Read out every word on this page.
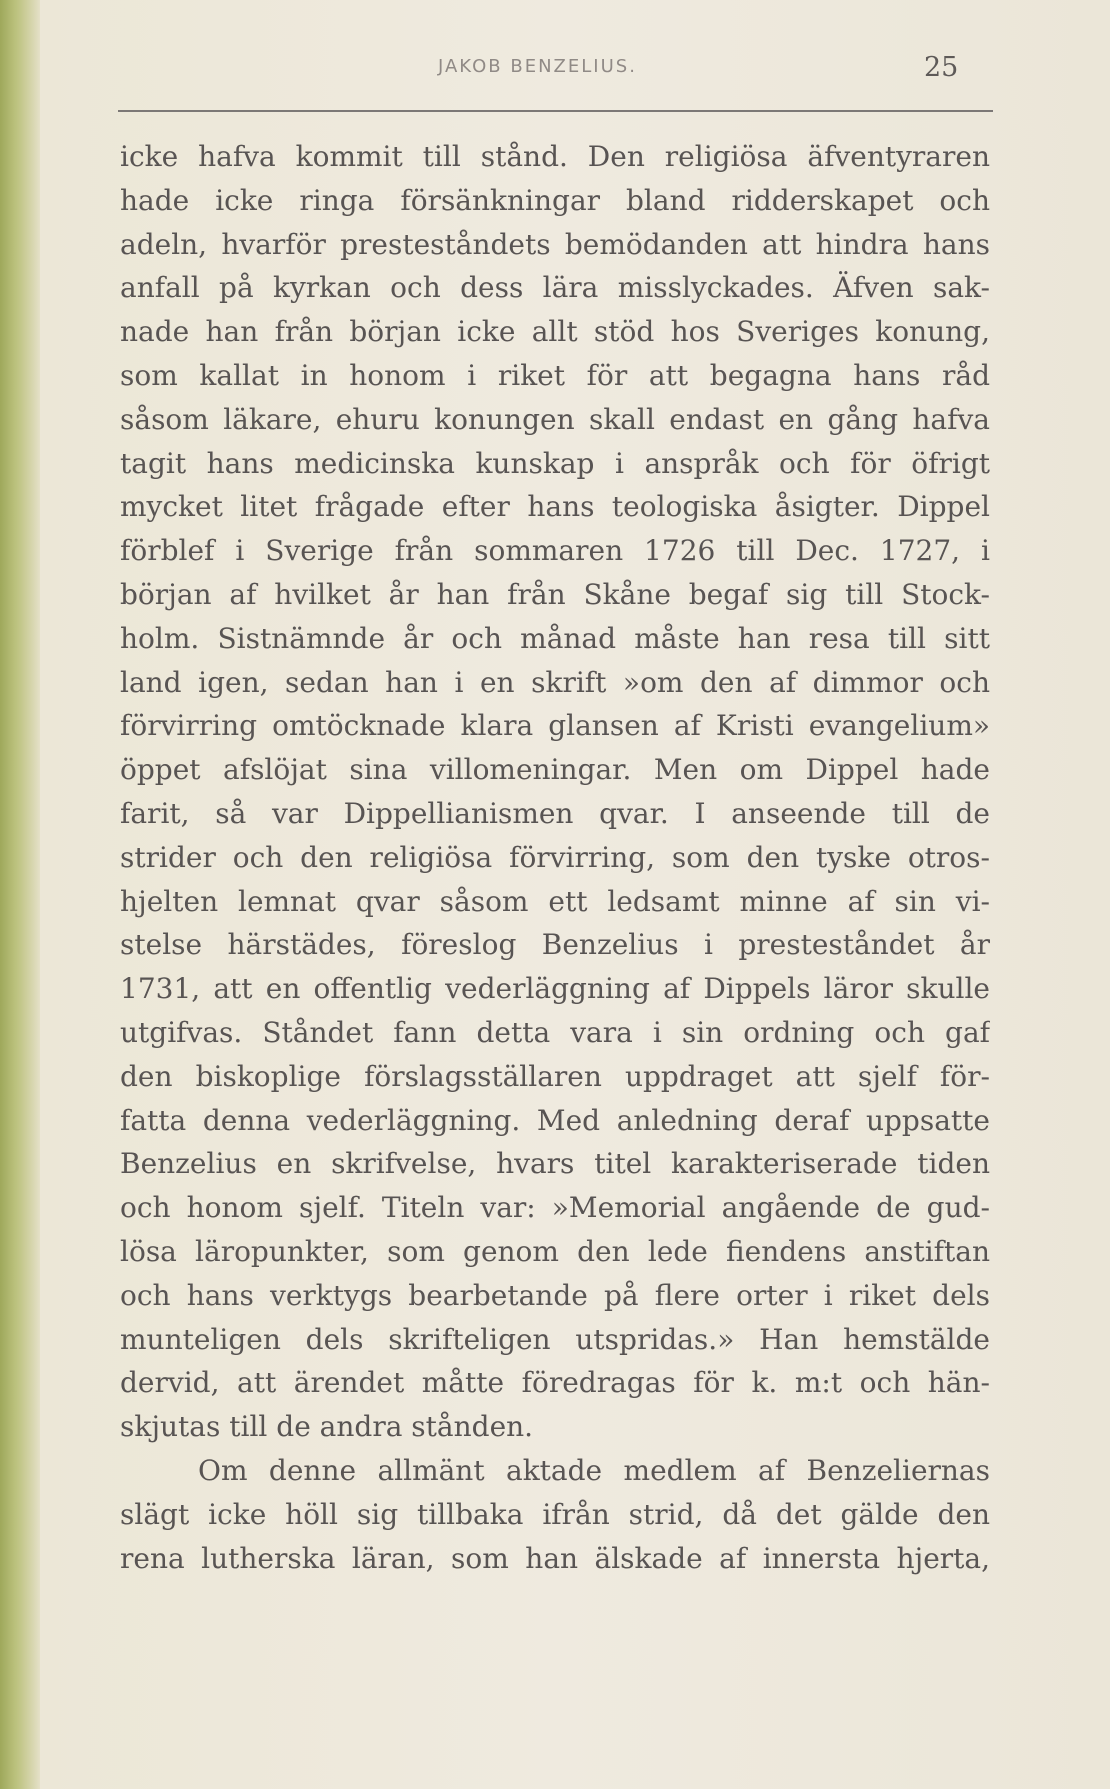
JAKOB BENZELIUS.	25
icke hafva kommit till stånd. Den religiösa äfventyraren
hade icke ringa försänkningar bland ridderskapet och
adeln, hvarför presteståndets bemödanden att hindra hans
anfall på kyrkan och dess lära misslyckades. Äfven sak-
nade han från början icke allt stöd hos Sveriges konung,
som kallat in honom i riket för att begagna hans råd
såsom läkare, ehuru konungen skall endast en gång hafva
tagit hans medicinska kunskap i anspråk och för öfrigt
mycket litet frågade efter hans teologiska åsigter. Dippel
förblef i Sverige från sommaren 1726 till Dec. 1727, i
början af hvilket år han från Skåne begaf sig till Stock-
holm. Sistnämnde år och månad måste han resa till sitt
land igen, sedan han i en skrift »om den af dimmor och
förvirring omtöcknade klara glansen af Kristi evangelium»
öppet afslöjat sina villomeningar. Men om Dippel hade
farit, så var Dippellianismen qvar. I anseende till de
strider och den religiösa förvirring, som den tyske otros-
hjelten lemnat qvar såsom ett ledsamt minne af sin vi-
stelse härstädes, föreslog Benzelius i presteståndet år
1731, att en offentlig vederläggning af Dippels läror skulle
utgifvas. Ståndet fann detta vara i sin ordning och gaf
den biskoplige förslagsställaren uppdraget att sjelf för-
fatta denna vederläggning. Med anledning deraf uppsatte
Benzelius en skrifvelse, hvars titel karakteriserade tiden
och honom sjelf. Titeln var: »Memorial angående de gud-
lösa läropunkter, som genom den lede fiendens anstiftan
och hans verktygs bearbetande på flere orter i riket dels
munteligen dels skrifteligen utspridas.» Han hemstälde
dervid, att ärendet måtte föredragas för k. m:t och hän-
skjutas till de andra stånden.
Om denne allmänt aktade medlem af Benzeliernas
slägt icke höll sig tillbaka ifrån strid, då det gälde den
rena lutherska läran, som han älskade af innersta hjerta,
